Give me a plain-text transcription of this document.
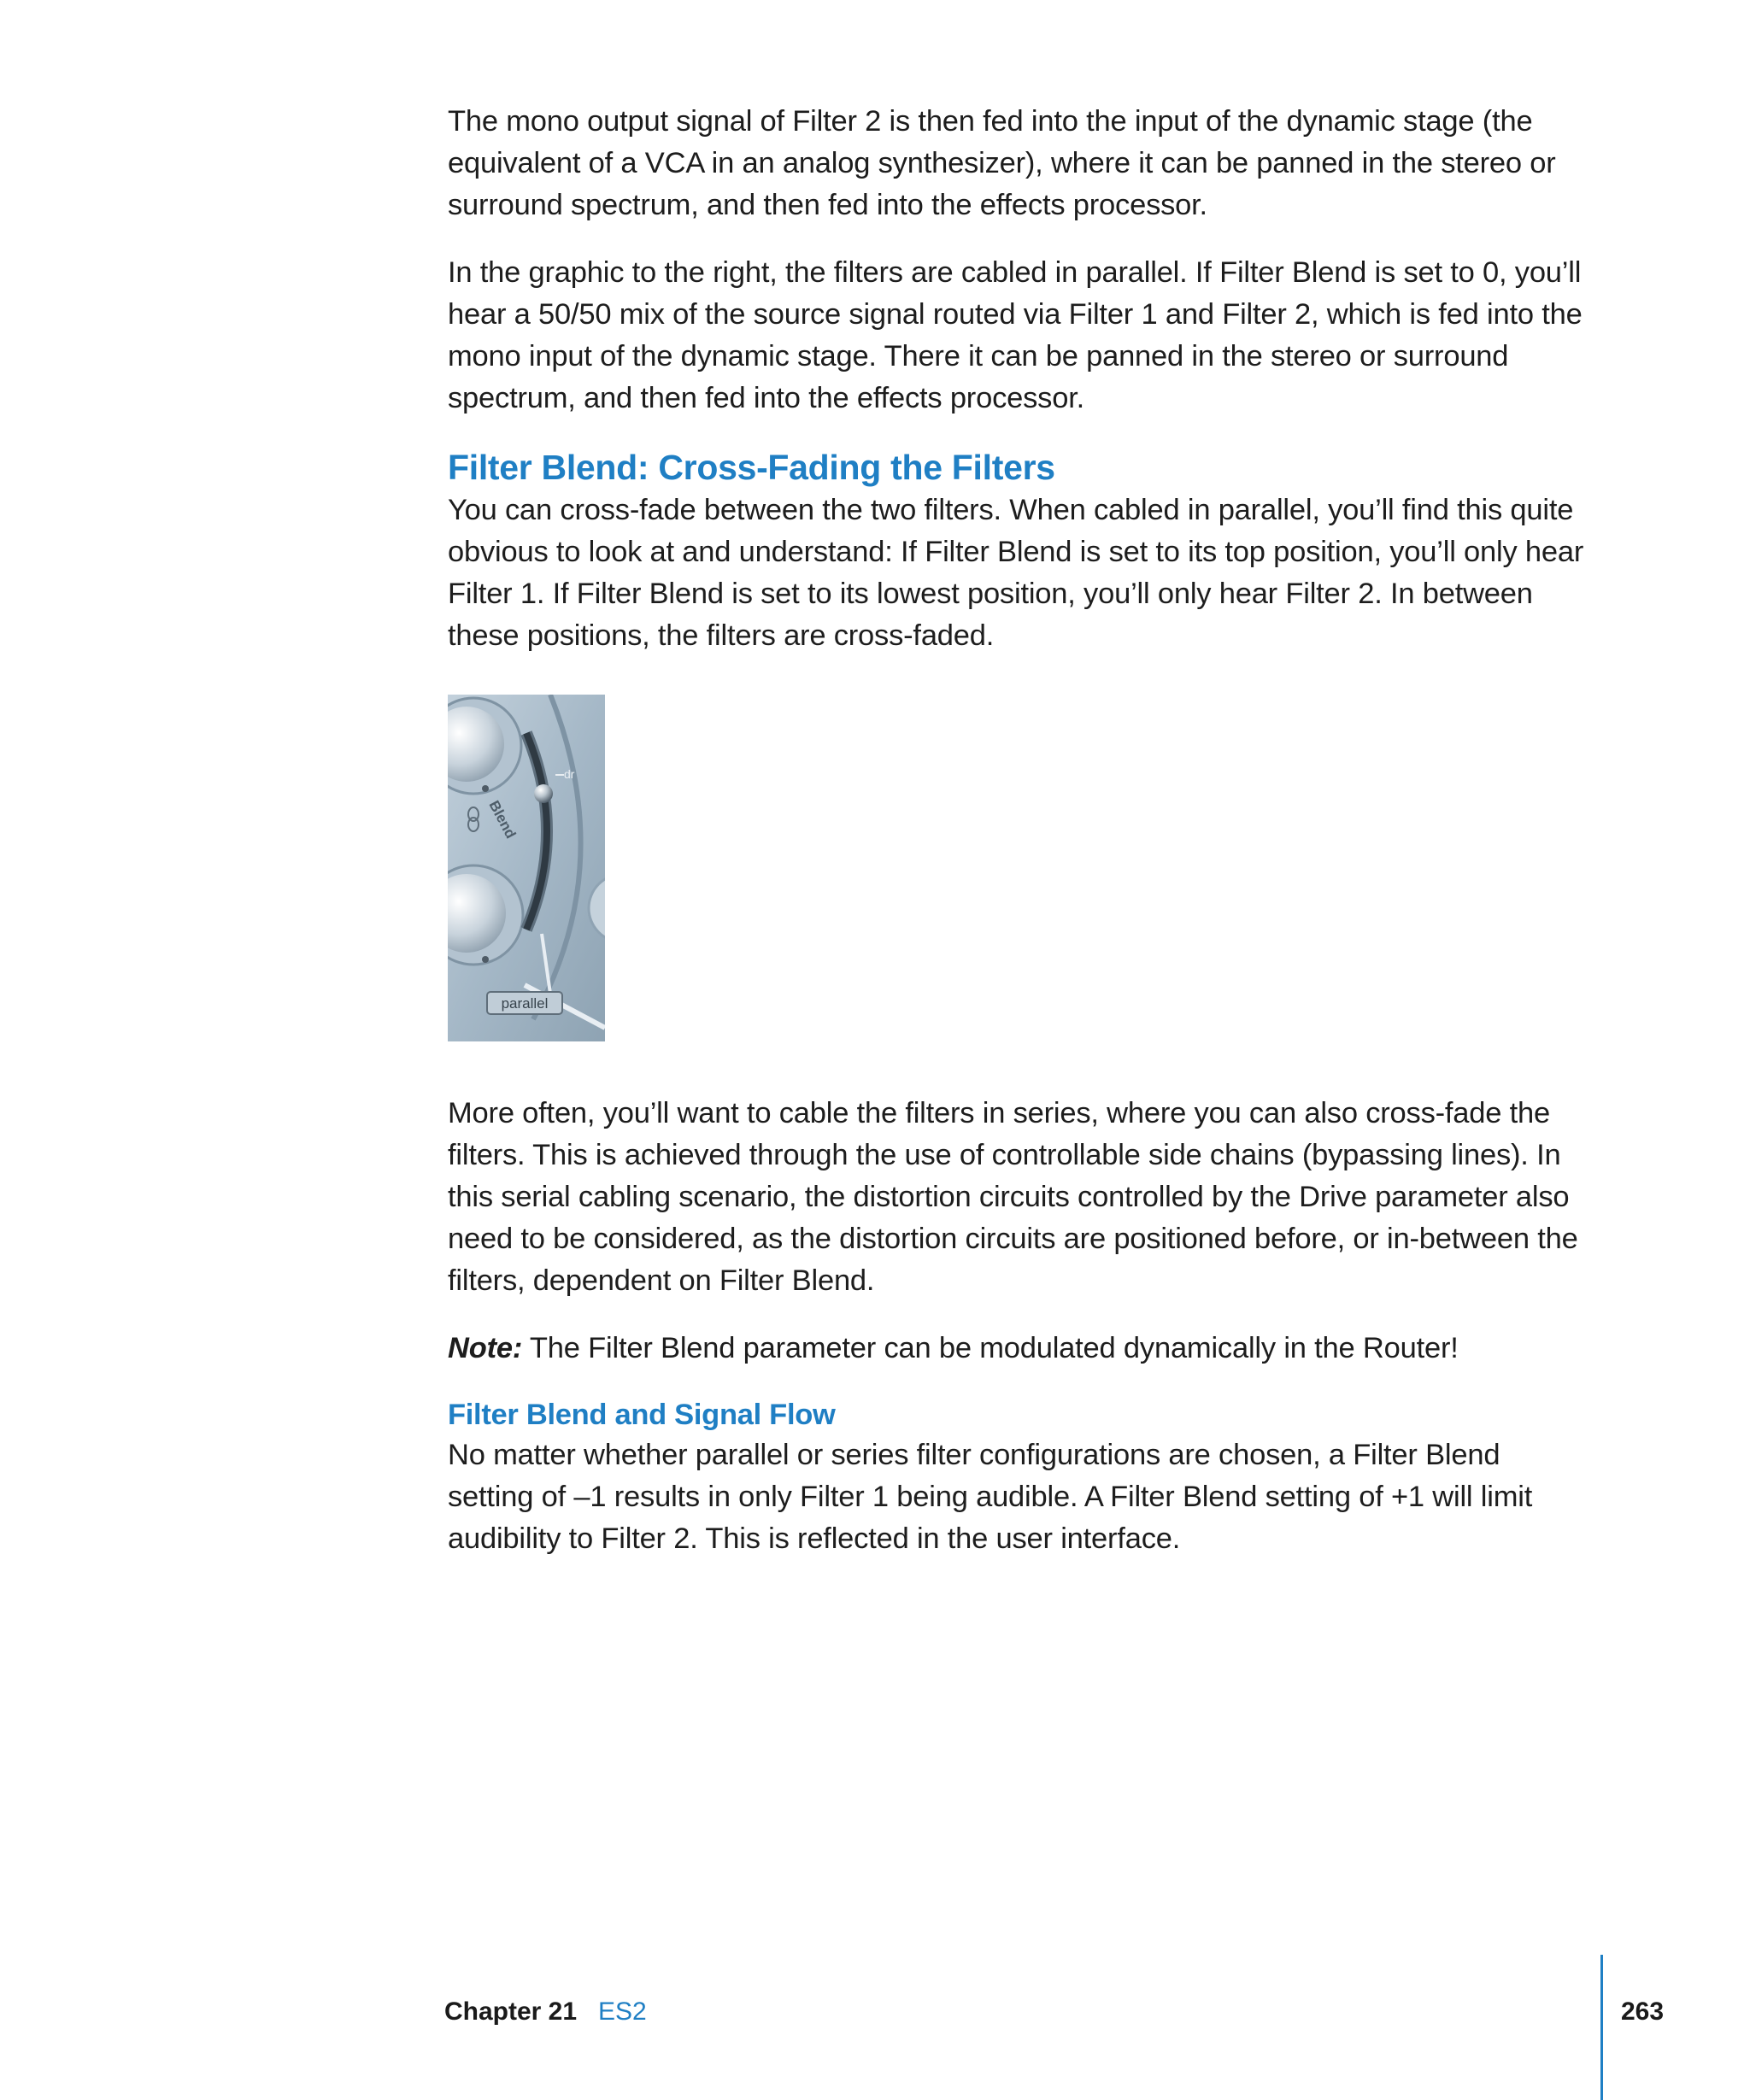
The mono output signal of Filter 2 is then fed into the input of the dynamic stage (the equivalent of a VCA in an analog synthesizer), where it can be panned in the stereo or surround spectrum, and then fed into the effects processor.

In the graphic to the right, the filters are cabled in parallel. If Filter Blend is set to 0, you’ll hear a 50/50 mix of the source signal routed via Filter 1 and Filter 2, which is fed into the mono input of the dynamic stage. There it can be panned in the stereo or surround spectrum, and then fed into the effects processor.

Filter Blend: Cross-Fading the Filters

You can cross-fade between the two filters. When cabled in parallel, you’ll find this quite obvious to look at and understand: If Filter Blend is set to its top position, you’ll only hear Filter 1. If Filter Blend is set to its lowest position, you’ll only hear Filter 2. In between these positions, the filters are cross-faded.

Blend
dr
parallel

More often, you’ll want to cable the filters in series, where you can also cross-fade the filters. This is achieved through the use of controllable side chains (bypassing lines). In this serial cabling scenario, the distortion circuits controlled by the Drive parameter also need to be considered, as the distortion circuits are positioned before, or in-between the filters, dependent on Filter Blend.

Note: The Filter Blend parameter can be modulated dynamically in the Router!

Filter Blend and Signal Flow

No matter whether parallel or series filter configurations are chosen, a Filter Blend setting of –1 results in only Filter 1 being audible. A Filter Blend setting of +1 will limit audibility to Filter 2. This is reflected in the user interface.

Chapter 21 ES2	263
